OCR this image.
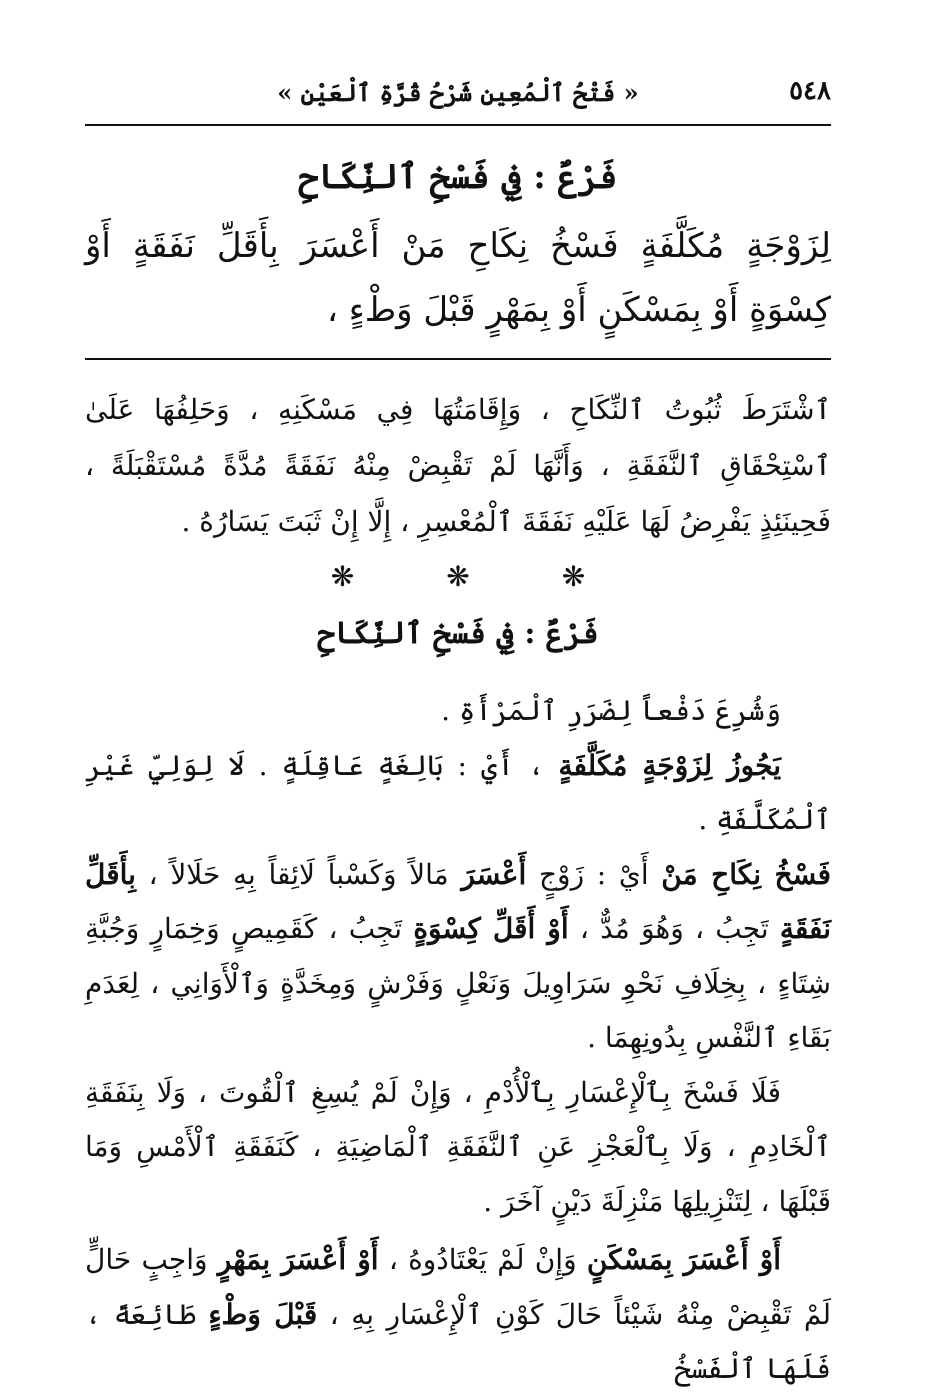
٥٤٨
« فَتْحُ ٱلْمُعِينِ شَرْحُ قُرَّةِ ٱلْعَيْنِ »
فَرْعٌ : فِي فَسْخِ ٱلنِّكَاحِ

لِزَوْجَةٍ مُكَلَّفَةٍ فَسْخُ نِكَاحِ مَنْ أَعْسَرَ بِأَقَلِّ نَفَقَةٍ أَوْ كِسْوَةٍ أَوْ بِمَسْكَنٍ أَوْ بِمَهْرٍ قَبْلَ وَطْءٍ ،

ٱشْتَرَطَ ثُبُوتُ ٱلنِّكَاحِ ، وَإِقَامَتُهَا فِي مَسْكَنِهِ ، وَحَلِفُهَا عَلَىٰ ٱسْتِحْقَاقِ ٱلنَّفَقَةِ ، وَأَنَّهَا لَمْ تَقْبِضْ مِنْهُ نَفَقَةً مُدَّةً مُسْتَقْبَلَةً ، فَحِينَئِذٍ يَفْرِضُ لَهَا عَلَيْهِ نَفَقَةَ ٱلْمُعْسِرِ ، إِلَّا إِنْ ثَبَتَ يَسَارُهُ .

❋❋❋
فَرْعٌ : فِي فَسْخِ ٱلنِّكَاحِ

وَشُرِعَ دَفْعاً لِضَرَرِ ٱلْمَرْأَةِ .

يَجُوزُ لِزَوْجَةٍ مُكَلَّفَةٍ ، أَيْ : بَالِغَةٍ عَاقِلَةٍ . لَا لِوَلِيِّ غَيْرِ ٱلْمُكَلَّفَةِ .

فَسْخُ نِكَاحِ مَنْ أَيْ : زَوْجٍ أَعْسَرَ مَالاً وَكَسْباً لَائِقاً بِهِ حَلَالاً ، بِأَقَلِّ نَفَقَةٍ تَجِبُ ، وَهُوَ مُدٌّ ، أَوْ أَقَلِّ كِسْوَةٍ تَجِبُ ، كَقَمِيصٍ وَخِمَارٍ وَجُبَّةِ شِتَاءٍ ، بِخِلَافِ نَحْوِ سَرَاوِيلَ وَنَعْلٍ وَفَرْشٍ وَمِخَدَّةٍ وَٱلْأَوَانِي ، لِعَدَمِ بَقَاءِ ٱلنَّفْسِ بِدُونِهِمَا .

فَلَا فَسْخَ بِٱلْإِعْسَارِ بِٱلْأُدْمِ ، وَإِنْ لَمْ يُسِغِ ٱلْقُوتَ ، وَلَا بِنَفَقَةِ ٱلْخَادِمِ ، وَلَا بِٱلْعَجْزِ عَنِ ٱلنَّفَقَةِ ٱلْمَاضِيَةِ ، كَنَفَقَةِ ٱلْأَمْسِ وَمَا قَبْلَهَا ، لِتَنْزِيلِهَا مَنْزِلَةَ دَيْنٍ آخَرَ .

أَوْ أَعْسَرَ بِمَسْكَنٍ وَإِنْ لَمْ يَعْتَادُوهُ ، أَوْ أَعْسَرَ بِمَهْرٍ وَاجِبٍ حَالٍّ لَمْ تَقْبِضْ مِنْهُ شَيْئاً حَالَ كَوْنِ ٱلْإِعْسَارِ بِهِ ، قَبْلَ وَطْءٍ طَائِعَةً ، فَلَهَا ٱلْفَسْخُ
